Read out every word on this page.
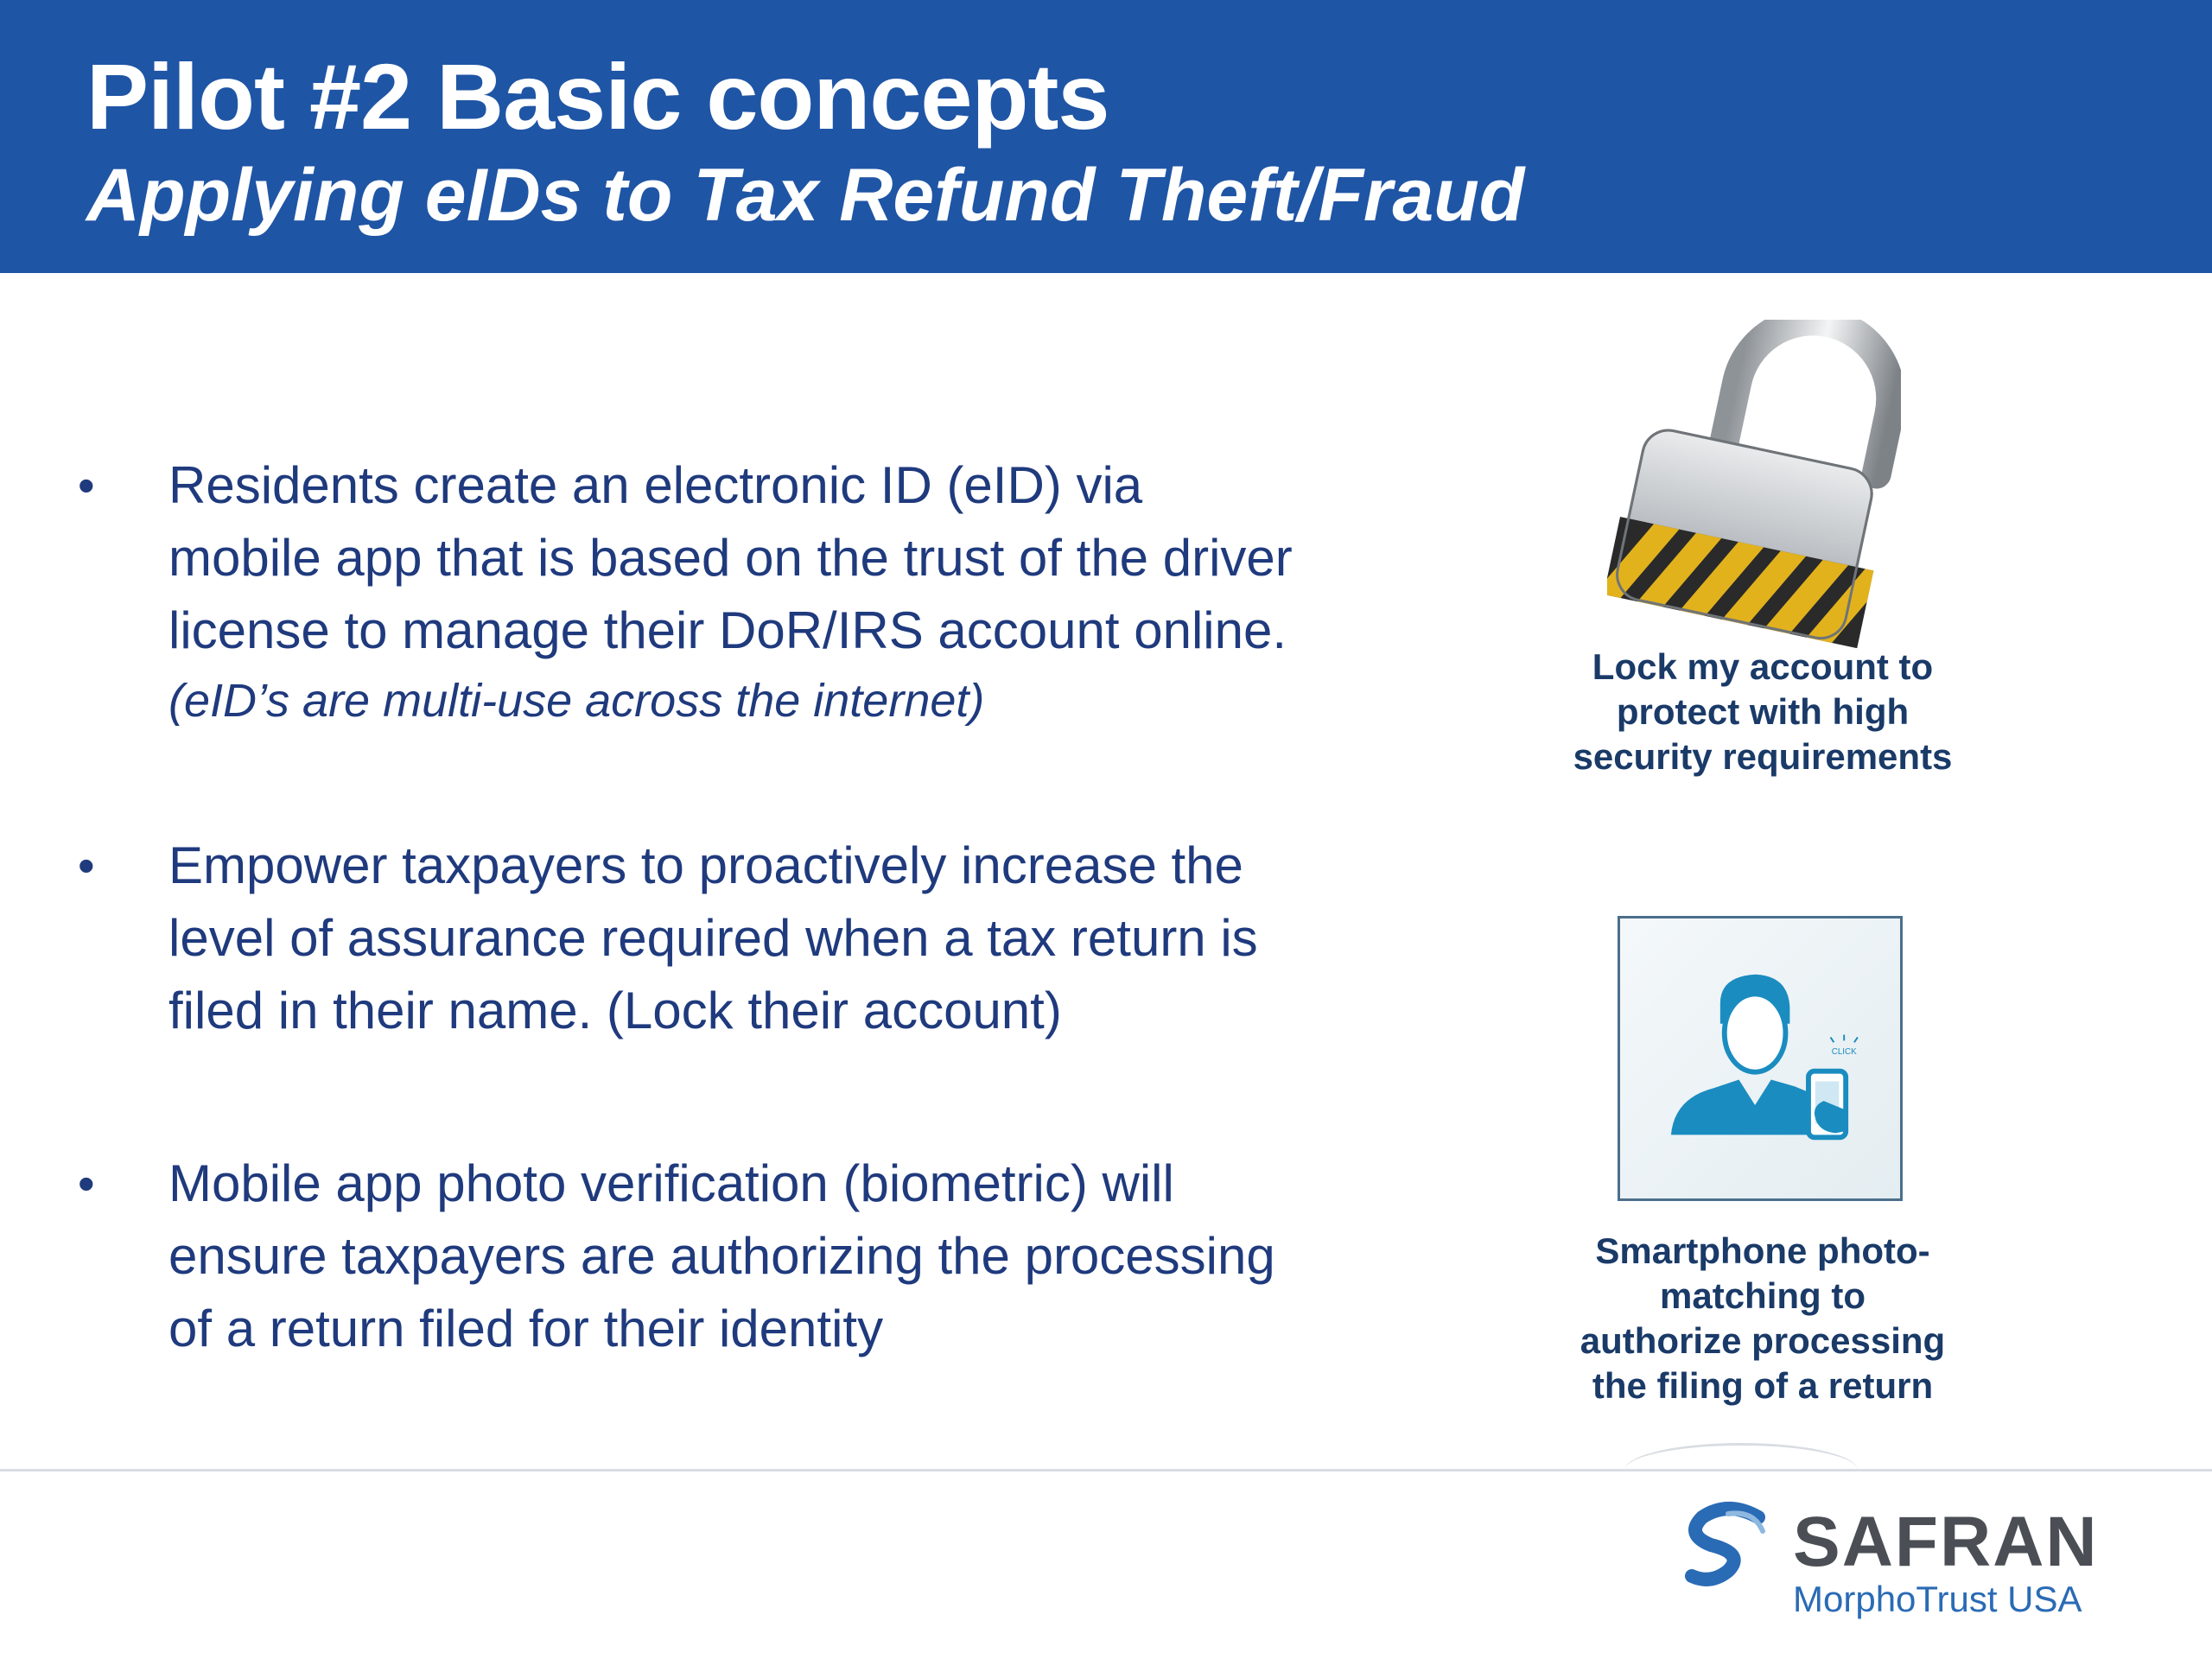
Pilot #2 Basic concepts
Applying eIDs to Tax Refund Theft/Fraud
• Residents create an electronic ID (eID) via
mobile app that is based on the trust of the driver
license to manage their DoR/IRS account online.
(eID’s are multi-use across the internet)
• Empower taxpayers to proactively increase the
level of assurance required when a tax return is
filed in their name. (Lock their account)
• Mobile app photo verification (biometric) will
ensure taxpayers are authorizing the processing
of a return filed for their identity
Lock my account to
protect with high
security requirements
CLICK
Smartphone photo-
matching to
authorize processing
the filing of a return
SAFRAN
MorphoTrust USA
